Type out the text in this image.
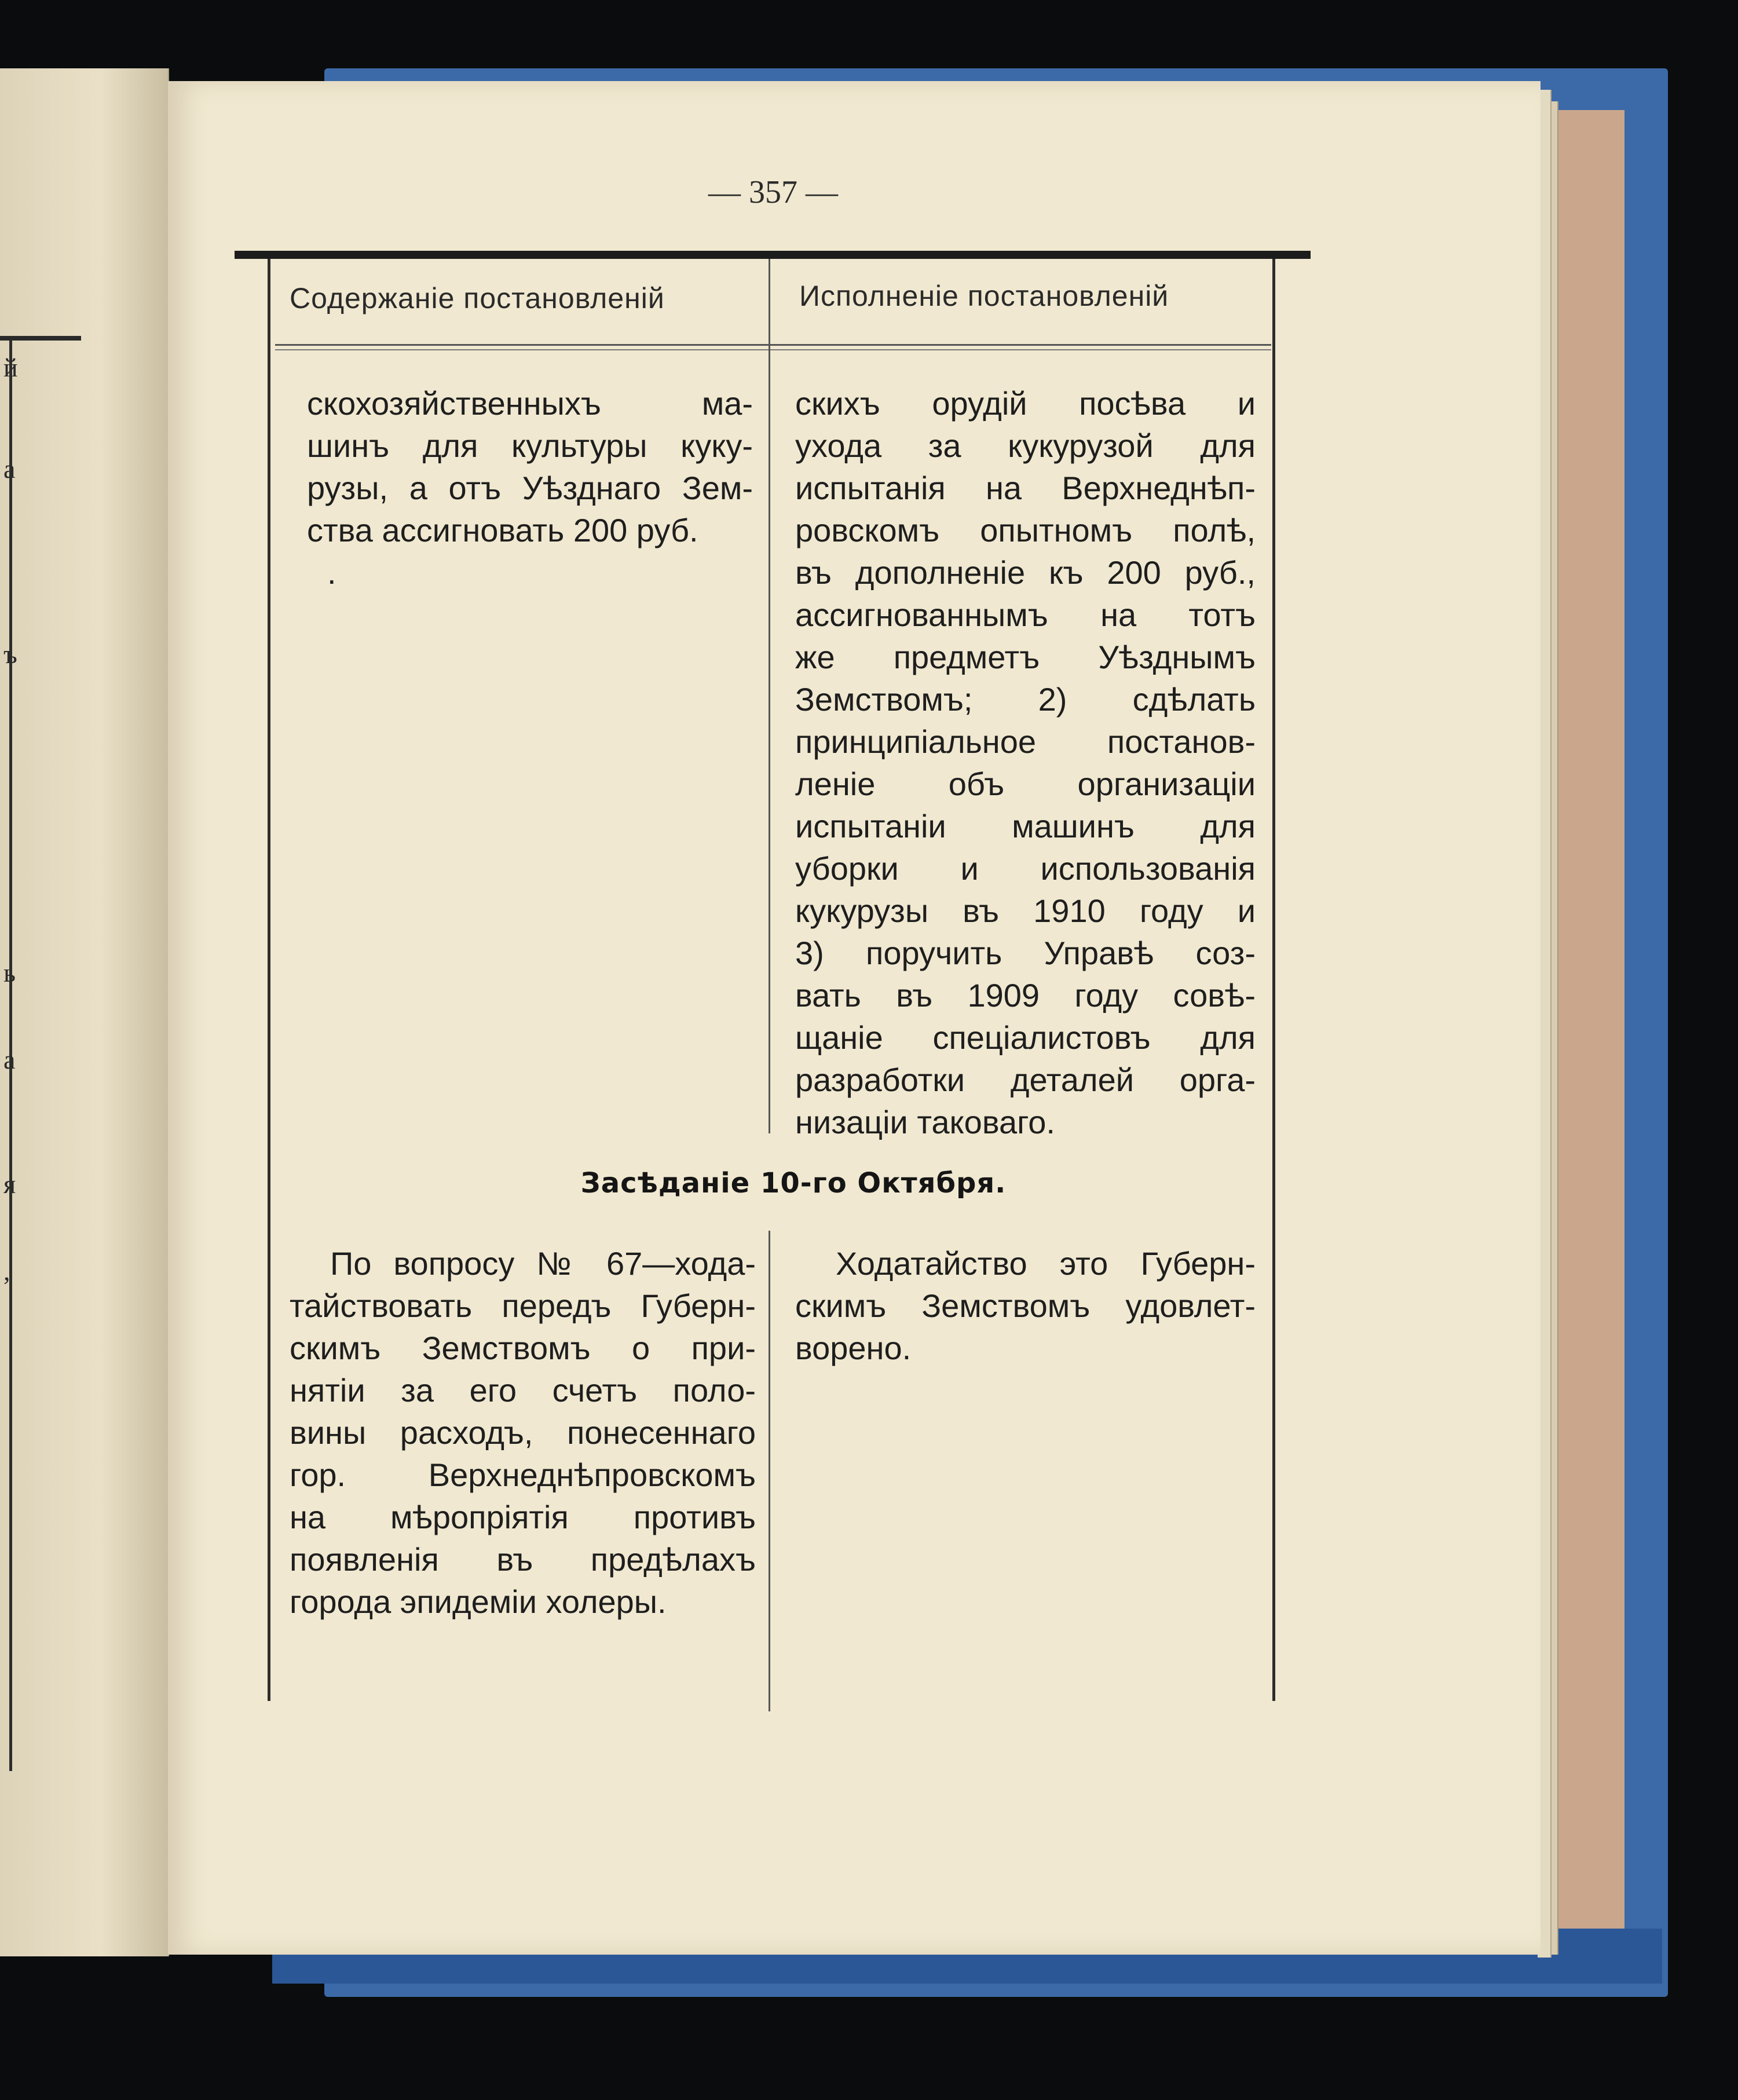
й
a
ъ
ь
a
я
,
— 357 —
Содержаніе постановленій	Исполненіе постановленій
скохозяйственныхъ ма-
шинъ для культуры куку-
рузы, а отъ Уѣзднаго Зем-
ства ассигновать 200 руб.
.
скихъ орудій посѣва и
ухода за кукурузой для
испытанія на Верхнеднѣп-
ровскомъ опытномъ полѣ,
въ дополненіе къ 200 руб.,
ассигнованнымъ на тотъ
же предметъ Уѣзднымъ
Земствомъ; 2) сдѣлать
принципіальное постанов-
леніе объ организаціи
испытаніи машинъ для
уборки и использованія
кукурузы въ 1910 году и
3) поручить Управѣ соз-
вать въ 1909 году совѣ-
щаніе спеціалистовъ для
разработки деталей орга-
низаціи таковаго.
Засѣданіе 10-го Октября.
По вопросу № 67—хода-
тайствовать передъ Губерн-
скимъ Земствомъ о при-
нятіи за его счетъ поло-
вины расходъ, понесеннаго
гор. Верхнеднѣпровскомъ
на мѣропріятія противъ
появленія въ предѣлахъ
города эпидеміи холеры.
Ходатайство это Губерн-
скимъ Земствомъ удовлет-
ворено.
